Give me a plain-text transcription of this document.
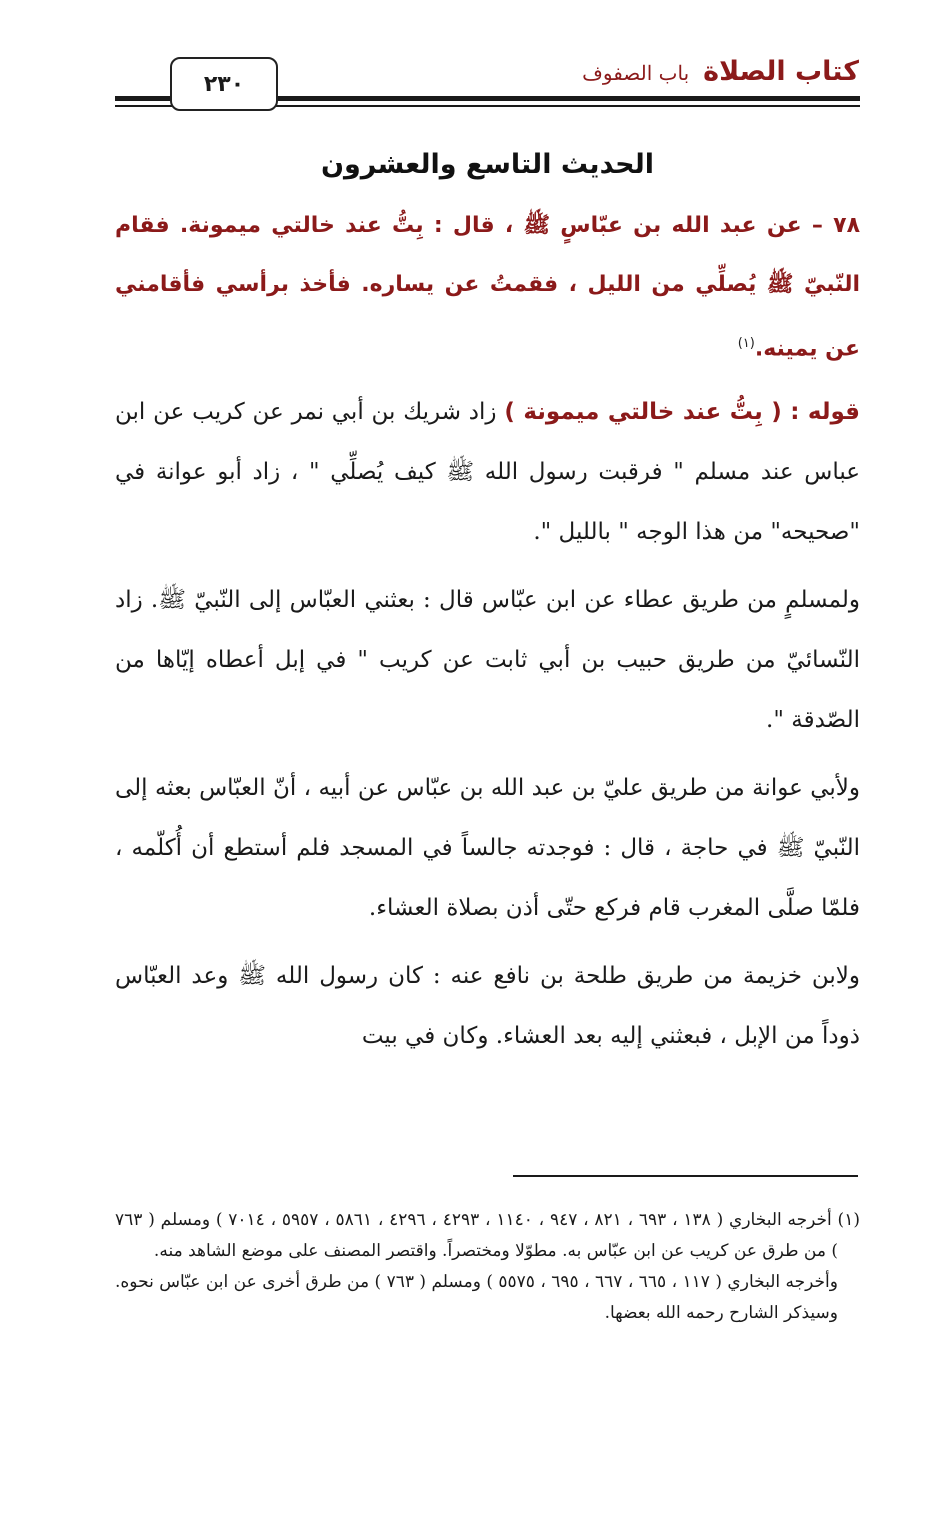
كتاب الصلاة
باب الصفوف
٢٣٠
الحديث التاسع والعشرون

٧٨ – عن عبد الله بن عبّاسٍ ﷺ ، قال : بِتُّ عند خالتي ميمونة. فقام النّبيّ ﷺ يُصلِّي من الليل ، فقمتُ عن يساره. فأخذ برأسي فأقامني عن يمينه.$^{(١)}$

قوله : ( بِتُّ عند خالتي ميمونة ) زاد شريك بن أبي نمر عن كريب عن ابن عباس عند مسلم " فرقبت رسول الله ﷺ كيف يُصلِّي " ، زاد أبو عوانة في "صحيحه" من هذا الوجه " بالليل ".

ولمسلمٍ من طريق عطاء عن ابن عبّاس قال : بعثني العبّاس إلى النّبيّ ﷺ. زاد النّسائيّ من طريق حبيب بن أبي ثابت عن كريب " في إبل أعطاه إيّاها من الصّدقة ".

ولأبي عوانة من طريق عليّ بن عبد الله بن عبّاس عن أبيه ، أنّ العبّاس بعثه إلى النّبيّ ﷺ في حاجة ، قال : فوجدته جالساً في المسجد فلم أستطع أن أُكلّمه ، فلمّا صلَّى المغرب قام فركع حتّى أذن بصلاة العشاء.

ولابن خزيمة من طريق طلحة بن نافع عنه : كان رسول الله ﷺ وعد العبّاس ذوداً من الإبل ، فبعثني إليه بعد العشاء. وكان في بيت

(١) أخرجه البخاري ( ١٣٨ ، ٦٩٣ ، ٨٢١ ، ٩٤٧ ، ١١٤٠ ، ٤٢٩٣ ، ٤٢٩٦ ، ٥٨٦١ ، ٥٩٥٧ ، ٧٠١٤ ) ومسلم ( ٧٦٣ ) من طرق عن كريب عن ابن عبّاس به. مطوّلا ومختصراً. واقتصر المصنف على موضع الشاهد منه.

وأخرجه البخاري ( ١١٧ ، ٦٦٥ ، ٦٦٧ ، ٦٩٥ ، ٥٥٧٥ ) ومسلم ( ٧٦٣ ) من طرق أخرى عن ابن عبّاس نحوه. وسيذكر الشارح رحمه الله بعضها.
